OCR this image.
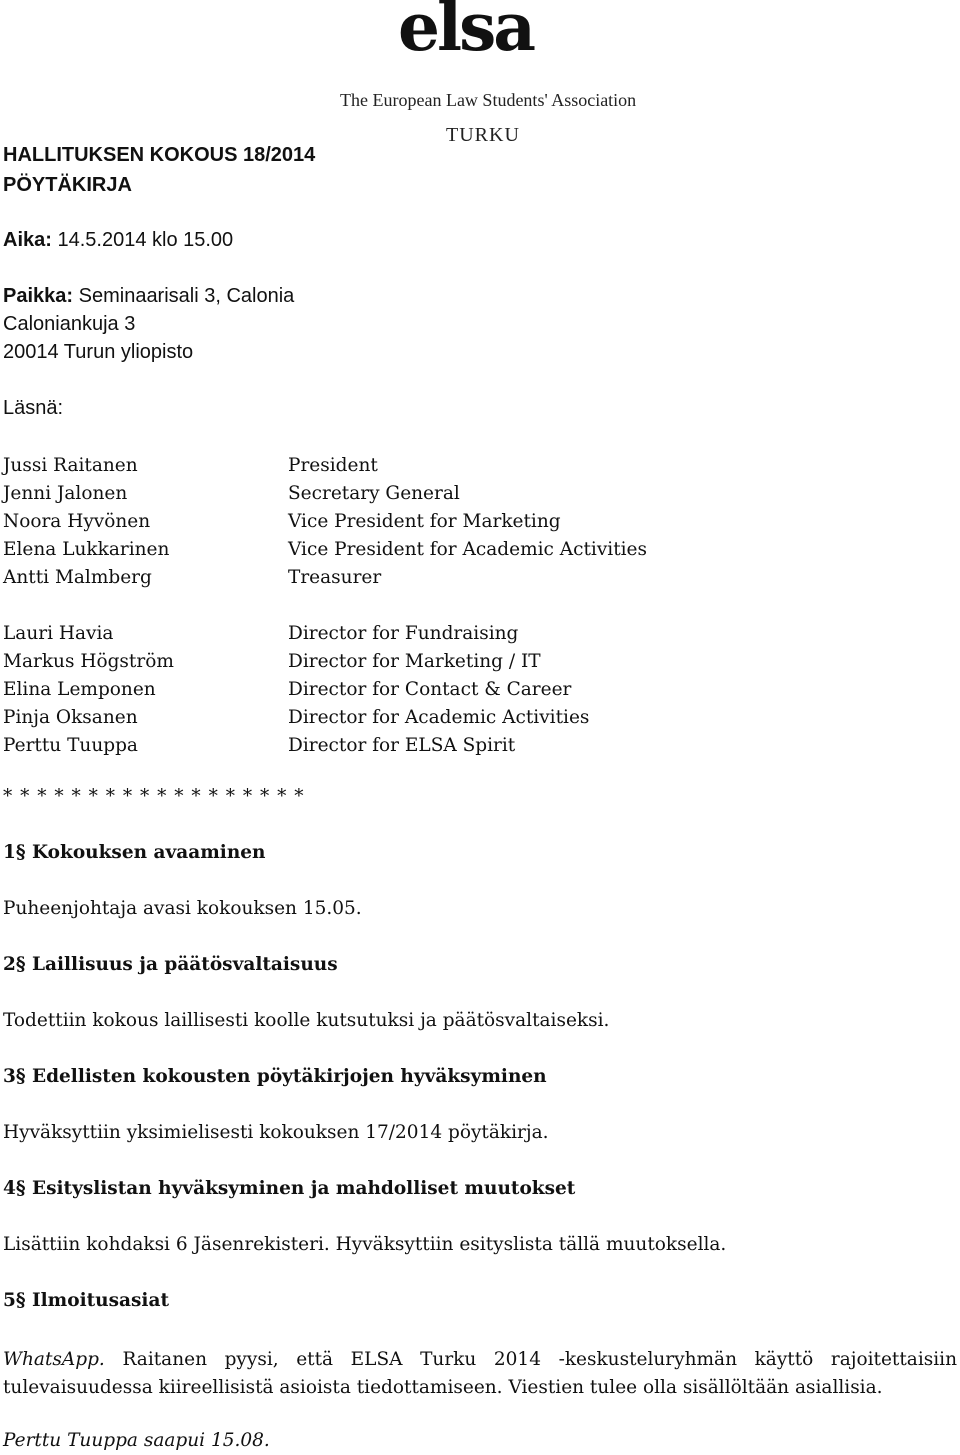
elsa
The European Law Students' Association
TURKU

HALLITUKSEN KOKOUS 18/2014

PÖYTÄKIRJA

Aika: 14.5.2014 klo 15.00

Paikka: Seminaarisali 3, Calonia

Caloniankuja 3

20014 Turun yliopisto

Läsnä:

Jussi Raitanen

Jenni Jalonen

Noora Hyvönen

Elena Lukkarinen

Antti Malmberg

Lauri Havia

Markus Högström

Elina Lemponen

Pinja Oksanen

Perttu Tuuppa

President

Secretary General

Vice President for Marketing

Vice President for Academic Activities

Treasurer

Director for Fundraising

Director for Marketing / IT

Director for Contact & Career

Director for Academic Activities

Director for ELSA Spirit

* * * * * * * * * * * * * * * * * *

1§ Kokouksen avaaminen

Puheenjohtaja avasi kokouksen 15.05.

2§ Laillisuus ja päätösvaltaisuus

Todettiin kokous laillisesti koolle kutsutuksi ja päätösvaltaiseksi.

3§ Edellisten kokousten pöytäkirjojen hyväksyminen

Hyväksyttiin yksimielisesti kokouksen 17/2014 pöytäkirja.

4§ Esityslistan hyväksyminen ja mahdolliset muutokset

Lisättiin kohdaksi 6 Jäsenrekisteri. Hyväksyttiin esityslista tällä muutoksella.

5§ Ilmoitusasiat

WhatsApp. Raitanen pyysi, että ELSA Turku 2014 -keskusteluryhmän käyttö rajoitettaisiin tulevaisuudessa kiireellisistä asioista tiedottamiseen. Viestien tulee olla sisällöltään asiallisia.

Perttu Tuuppa saapui 15.08.
